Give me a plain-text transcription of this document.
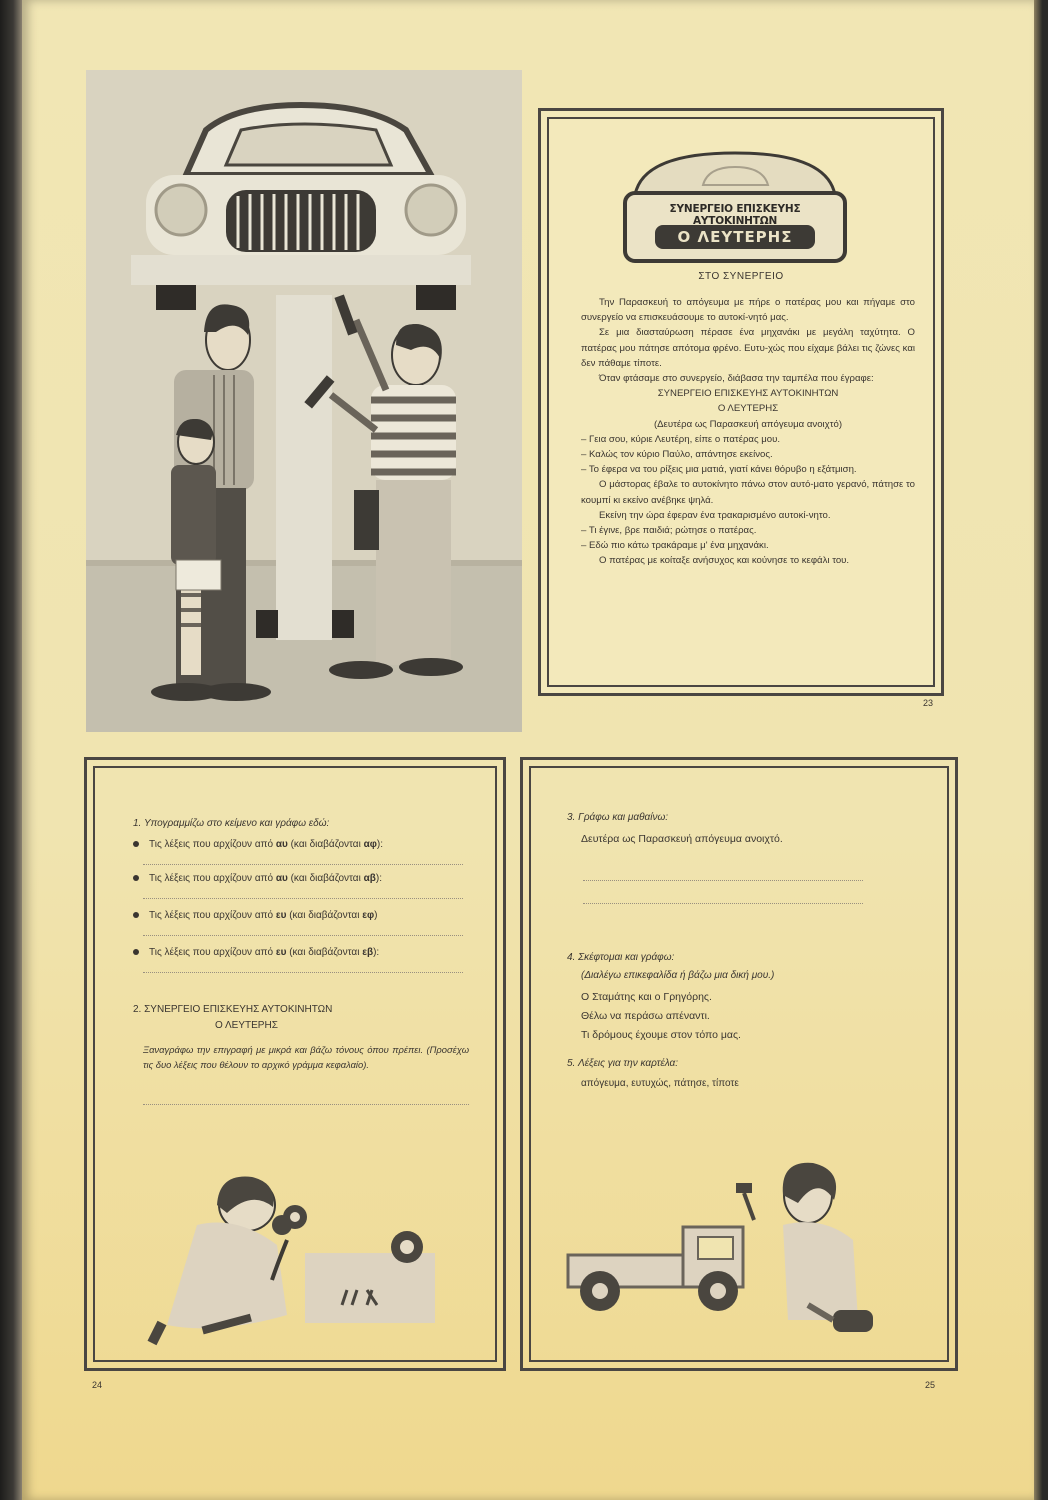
ΣΥΝΕΡΓΕΙΟ ΕΠΙΣΚΕΥΗΣ ΑΥΤΟΚΙΝΗΤΩΝ
Ο ΛΕΥΤΕΡΗΣ
ΣΤΟ ΣΥΝΕΡΓΕΙΟ

Την Παρασκευή το απόγευμα με πήρε ο πατέρας μου και πήγαμε στο συνεργείο να επισκευάσουμε το αυτοκί-νητό μας.

Σε μια διασταύρωση πέρασε ένα μηχανάκι με μεγάλη ταχύτητα. Ο πατέρας μου πάτησε απότομα φρένο. Ευτυ-χώς που είχαμε βάλει τις ζώνες και δεν πάθαμε τίποτε.

Όταν φτάσαμε στο συνεργείο, διάβασα την ταμπέλα που έγραφε:

ΣΥΝΕΡΓΕΙΟ ΕΠΙΣΚΕΥΗΣ ΑΥΤΟΚΙΝΗΤΩΝ

Ο ΛΕΥΤΕΡΗΣ

(Δευτέρα ως Παρασκευή απόγευμα ανοιχτό)

– Γεια σου, κύριε Λευτέρη, είπε ο πατέρας μου.

– Καλώς τον κύριο Παύλο, απάντησε εκείνος.

– Το έφερα να του ρίξεις μια ματιά, γιατί κάνει θόρυβο η εξάτμιση.

Ο μάστορας έβαλε το αυτοκίνητο πάνω στον αυτό-ματο γερανό, πάτησε το κουμπί κι εκείνο ανέβηκε ψηλά.

Εκείνη την ώρα έφεραν ένα τρακαρισμένο αυτοκί-νητο.

– Τι έγινε, βρε παιδιά; ρώτησε ο πατέρας.

– Εδώ πιο κάτω τρακάραμε μ' ένα μηχανάκι.

Ο πατέρας με κοίταξε ανήσυχος και κούνησε το κεφάλι του.

23
1. Υπογραμμίζω στο κείμενο και γράφω εδώ:
Τις λέξεις που αρχίζουν από αυ (και διαβάζονται αφ):
Τις λέξεις που αρχίζουν από αυ (και διαβάζονται αβ):
Τις λέξεις που αρχίζουν από ευ (και διαβάζονται εφ)
Τις λέξεις που αρχίζουν από ευ (και διαβάζονται εβ):
2. ΣΥΝΕΡΓΕΙΟ ΕΠΙΣΚΕΥΗΣ ΑΥΤΟΚΙΝΗΤΩΝ
Ο ΛΕΥΤΕΡΗΣ
Ξαναγράφω την επιγραφή με μικρά και βάζω τόνους όπου πρέπει. (Προσέχω τις δυο λέξεις που θέλουν το αρχικό γράμμα κεφαλαίο).
24
3. Γράφω και μαθαίνω:
Δευτέρα ως Παρασκευή απόγευμα ανοιχτό.
4. Σκέφτομαι και γράφω:
(Διαλέγω επικεφαλίδα ή βάζω μια δική μου.)
Ο Σταμάτης και ο Γρηγόρης.
Θέλω να περάσω απέναντι.
Τι δρόμους έχουμε στον τόπο μας.
5. Λέξεις για την καρτέλα:
απόγευμα, ευτυχώς, πάτησε, τίποτε
25
